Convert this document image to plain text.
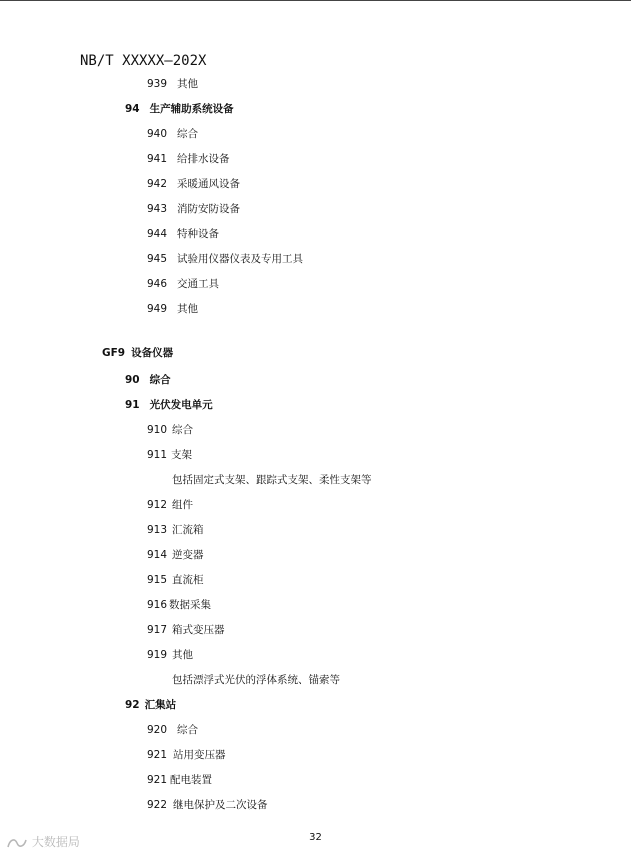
NB/T XXXXX—202X
939 其他
94 生产辅助系统设备
940 综合
941 给排水设备
942 采暖通风设备
943 消防安防设备
944 特种设备
945 试验用仪器仪表及专用工具
946 交通工具
949 其他
GF9 设备仪器
90 综合
91 光伏发电单元
910 综合
911 支架
包括固定式支架、跟踪式支架、柔性支架等
912 组件
913 汇流箱
914 逆变器
915 直流柜
916 数据采集
917 箱式变压器
919 其他
包括漂浮式光伏的浮体系统、锚索等
92 汇集站
920 综合
921 站用变压器
921 配电装置
922 继电保护及二次设备
32
大数据局
